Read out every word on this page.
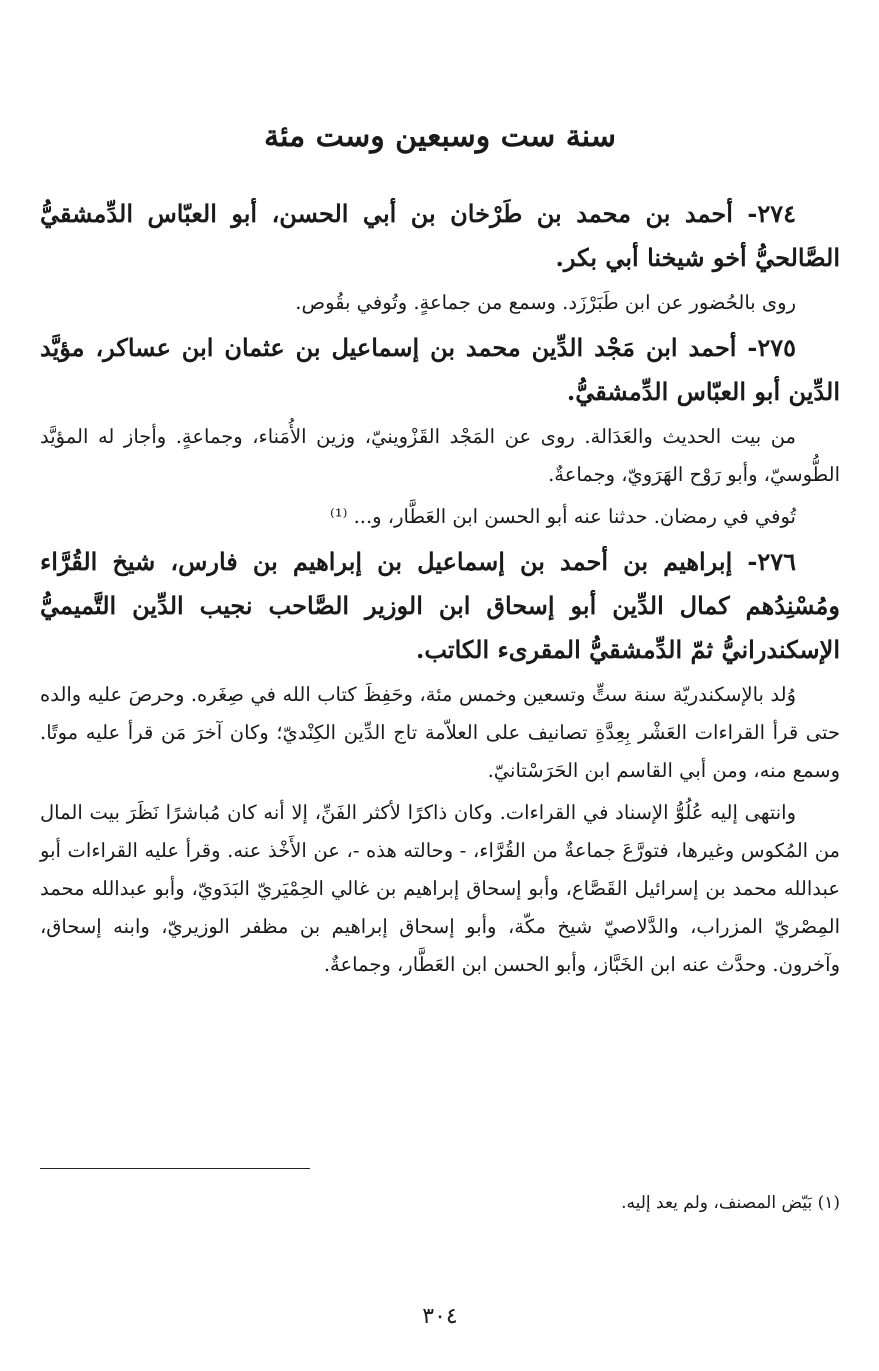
سنة ست وسبعين وست مئة

٢٧٤- أحمد بن محمد بن طَرْخان بن أبي الحسن، أبو العبّاس الدِّمشقيُّ الصَّالحيُّ أخو شيخنا أبي بكر.

روى بالحُضور عن ابن طَبَرْزَد. وسمع من جماعةٍ. وتُوفي بقُوص.

٢٧٥- أحمد ابن مَجْد الدِّين محمد بن إسماعيل بن عثمان ابن عساكر، مؤيَّد الدِّين أبو العبّاس الدِّمشقيُّ.

من بيت الحديث والعَدَالة. روى عن المَجْد القَزْوينيّ، وزين الأُمَناء، وجماعةٍ. وأجاز له المؤيَّد الطُّوسيّ، وأبو رَوْح الهَرَويّ، وجماعةٌ.

تُوفي في رمضان. حدثنا عنه أبو الحسن ابن العَطَّار، و... ⁽¹⁾

٢٧٦- إبراهيم بن أحمد بن إسماعيل بن إبراهيم بن فارس، شيخ القُرَّاء ومُسْنِدُهم كمال الدِّين أبو إسحاق ابن الوزير الصَّاحب نجيب الدِّين التَّميميُّ الإسكندرانيُّ ثمّ الدِّمشقيُّ المقرىء الكاتب.

وُلد بالإسكندريّة سنة ستٍّ وتسعين وخمس مئة، وحَفِظَ كتاب الله في صِغَره. وحرصَ عليه والده حتى قرأ القراءات العَشْر بِعِدَّةِ تصانيف على العلاّمة تاج الدِّين الكِنْديّ؛ وكان آخرَ مَن قرأ عليه موتًا. وسمع منه، ومن أبي القاسم ابن الحَرَسْتانيّ.

وانتهى إليه عُلُوُّ الإسناد في القراءات. وكان ذاكرًا لأكثر الفَنِّ، إلا أنه كان مُباشرًا نَظَرَ بيت المال من المُكوس وغيرها، فتورَّعَ جماعةٌ من القُرَّاء، - وحالته هذه -، عن الأَخْذ عنه. وقرأ عليه القراءات أبو عبدالله محمد بن إسرائيل القَصَّاع، وأبو إسحاق إبراهيم بن غالي الحِمْيَريّ البَدَويّ، وأبو عبدالله محمد المِصْريّ المزراب، والدَّلاصيّ شيخ مكّة، وأبو إسحاق إبراهيم بن مظفر الوزيريّ، وابنه إسحاق، وآخرون. وحدَّث عنه ابن الخَبَّاز، وأبو الحسن ابن العَطَّار، وجماعةٌ.

(١) بَيّض المصنف، ولم يعد إليه.

٣٠٤
